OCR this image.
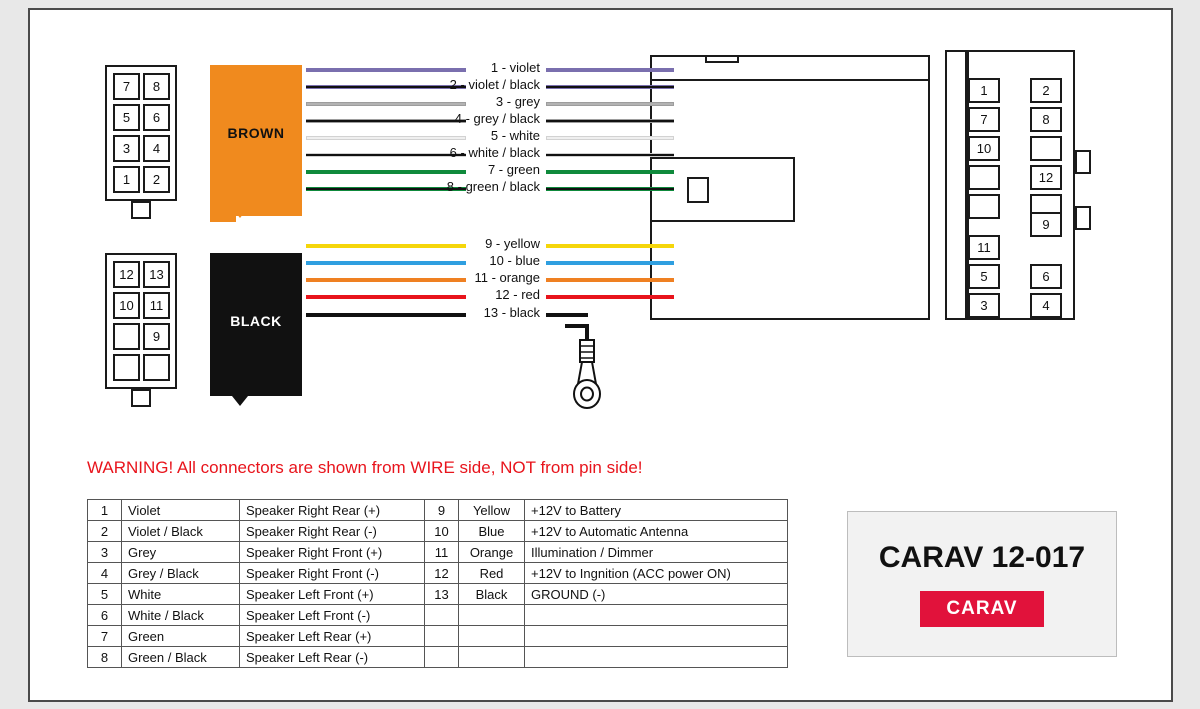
7 8
5 6
3 4
1 2
BROWN
12 13
10 11
9
BLACK
1
7
10
11
5
3
2
8
12
9
6
4
1 - violet
2 - violet / black
3 - grey
4 - grey / black
5 - white
6 - white / black
7 - green
8 - green / black
9 - yellow
10 - blue
11 - orange
12 - red
13 - black
WARNING! All connectors are shown from WIRE side, NOT from pin side!
1	Violet	Speaker Right Rear (+)	9	Yellow	+12V to Battery
2	Violet / Black	Speaker Right Rear (-)	10	Blue	+12V to Automatic Antenna
3	Grey	Speaker Right Front (+)	11	Orange	Illumination / Dimmer
4	Grey / Black	Speaker Right Front (-)	12	Red	+12V to Ingnition (ACC power ON)
5	White	Speaker Left Front (+)	13	Black	GROUND (-)
6	White / Black	Speaker Left Front (-)			
7	Green	Speaker Left Rear (+)			
8	Green / Black	Speaker Left Rear (-)			
CARAV 12-017
CARAV
